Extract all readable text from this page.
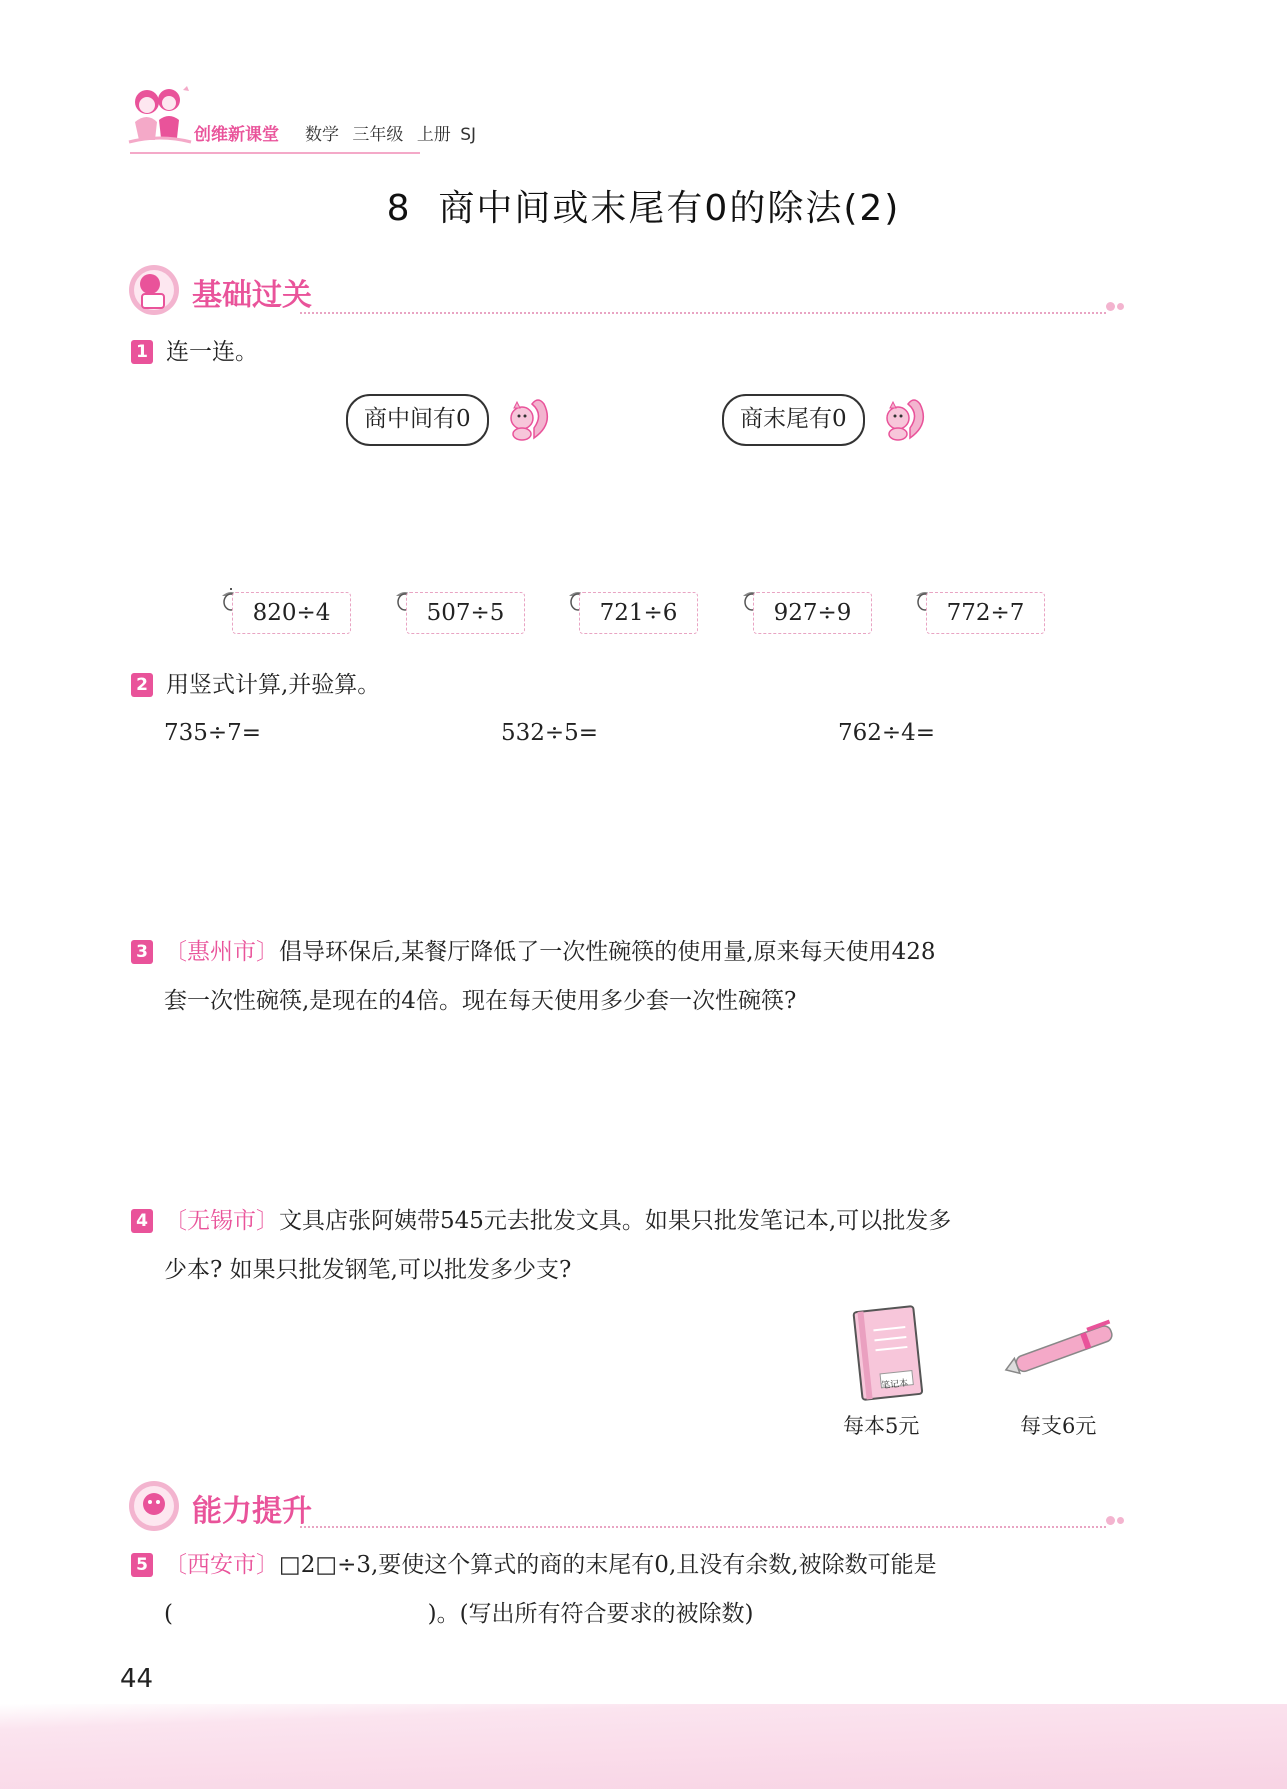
创维新课堂 数学 三年级 上册 SJ
8  商中间或末尾有0的除法(2)
基础过关
1 连一连。
商中间有0	商末尾有0
820÷4	507÷5	721÷6	927÷9	772÷7
2 用竖式计算,并验算。
735÷7=	532÷5=	762÷4=
3 〔惠州市〕倡导环保后,某餐厅降低了一次性碗筷的使用量,原来每天使用428
套一次性碗筷,是现在的4倍。现在每天使用多少套一次性碗筷?
4 〔无锡市〕文具店张阿姨带545元去批发文具。如果只批发笔记本,可以批发多
少本? 如果只批发钢笔,可以批发多少支?
笔记本
每本5元	每支6元
能力提升
5 〔西安市〕□2□÷3,要使这个算式的商的末尾有0,且没有余数,被除数可能是
(	)。(写出所有符合要求的被除数)
44
